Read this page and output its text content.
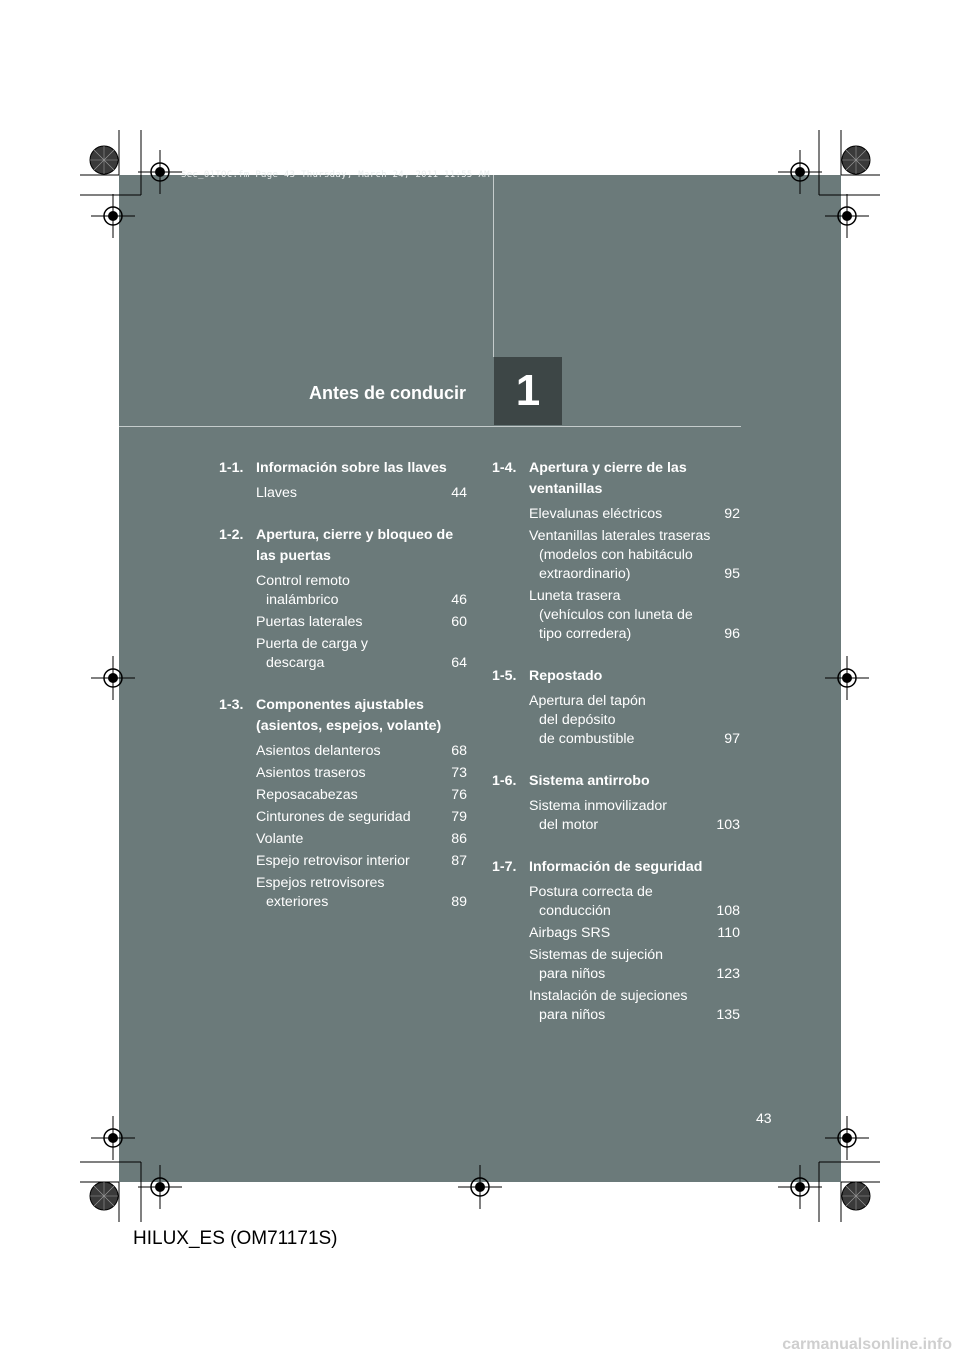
Sec_01TOC.fm Page 43 Thursday, March 24, 2011 11:55 AM
Antes de conducir 1
1-1. Información sobre las llaves
Llaves
.....	44
1-2. Apertura, cierre y bloqueo de las puertas
Control remoto
inalámbrico
.....	46
Puertas laterales
.....	60
Puerta de carga y
descarga
.....	64
1-3. Componentes ajustables (asientos, espejos, volante)
Asientos delanteros
.....	68
Asientos traseros
.....	73
Reposacabezas
.....	76
Cinturones de seguridad
.....	79
Volante
.....	86
Espejo retrovisor interior
.....	87
Espejos retrovisores
exteriores
.....	89
1-4. Apertura y cierre de las ventanillas
Elevalunas eléctricos
.....	92
Ventanillas laterales traseras
(modelos con habitáculo
extraordinario)
.....	95
Luneta trasera
(vehículos con luneta de
tipo corredera)
.....	96
1-5. Repostado
Apertura del tapón
del depósito
de combustible
.....	97
1-6. Sistema antirrobo
Sistema inmovilizador
del motor
.....	103
1-7. Información de seguridad
Postura correcta de
conducción
.....	108
Airbags SRS
.....	110
Sistemas de sujeción
para niños
.....	123
Instalación de sujeciones
para niños
.....	135
43
HILUX_ES (OM71171S)
carmanualsonline.info
